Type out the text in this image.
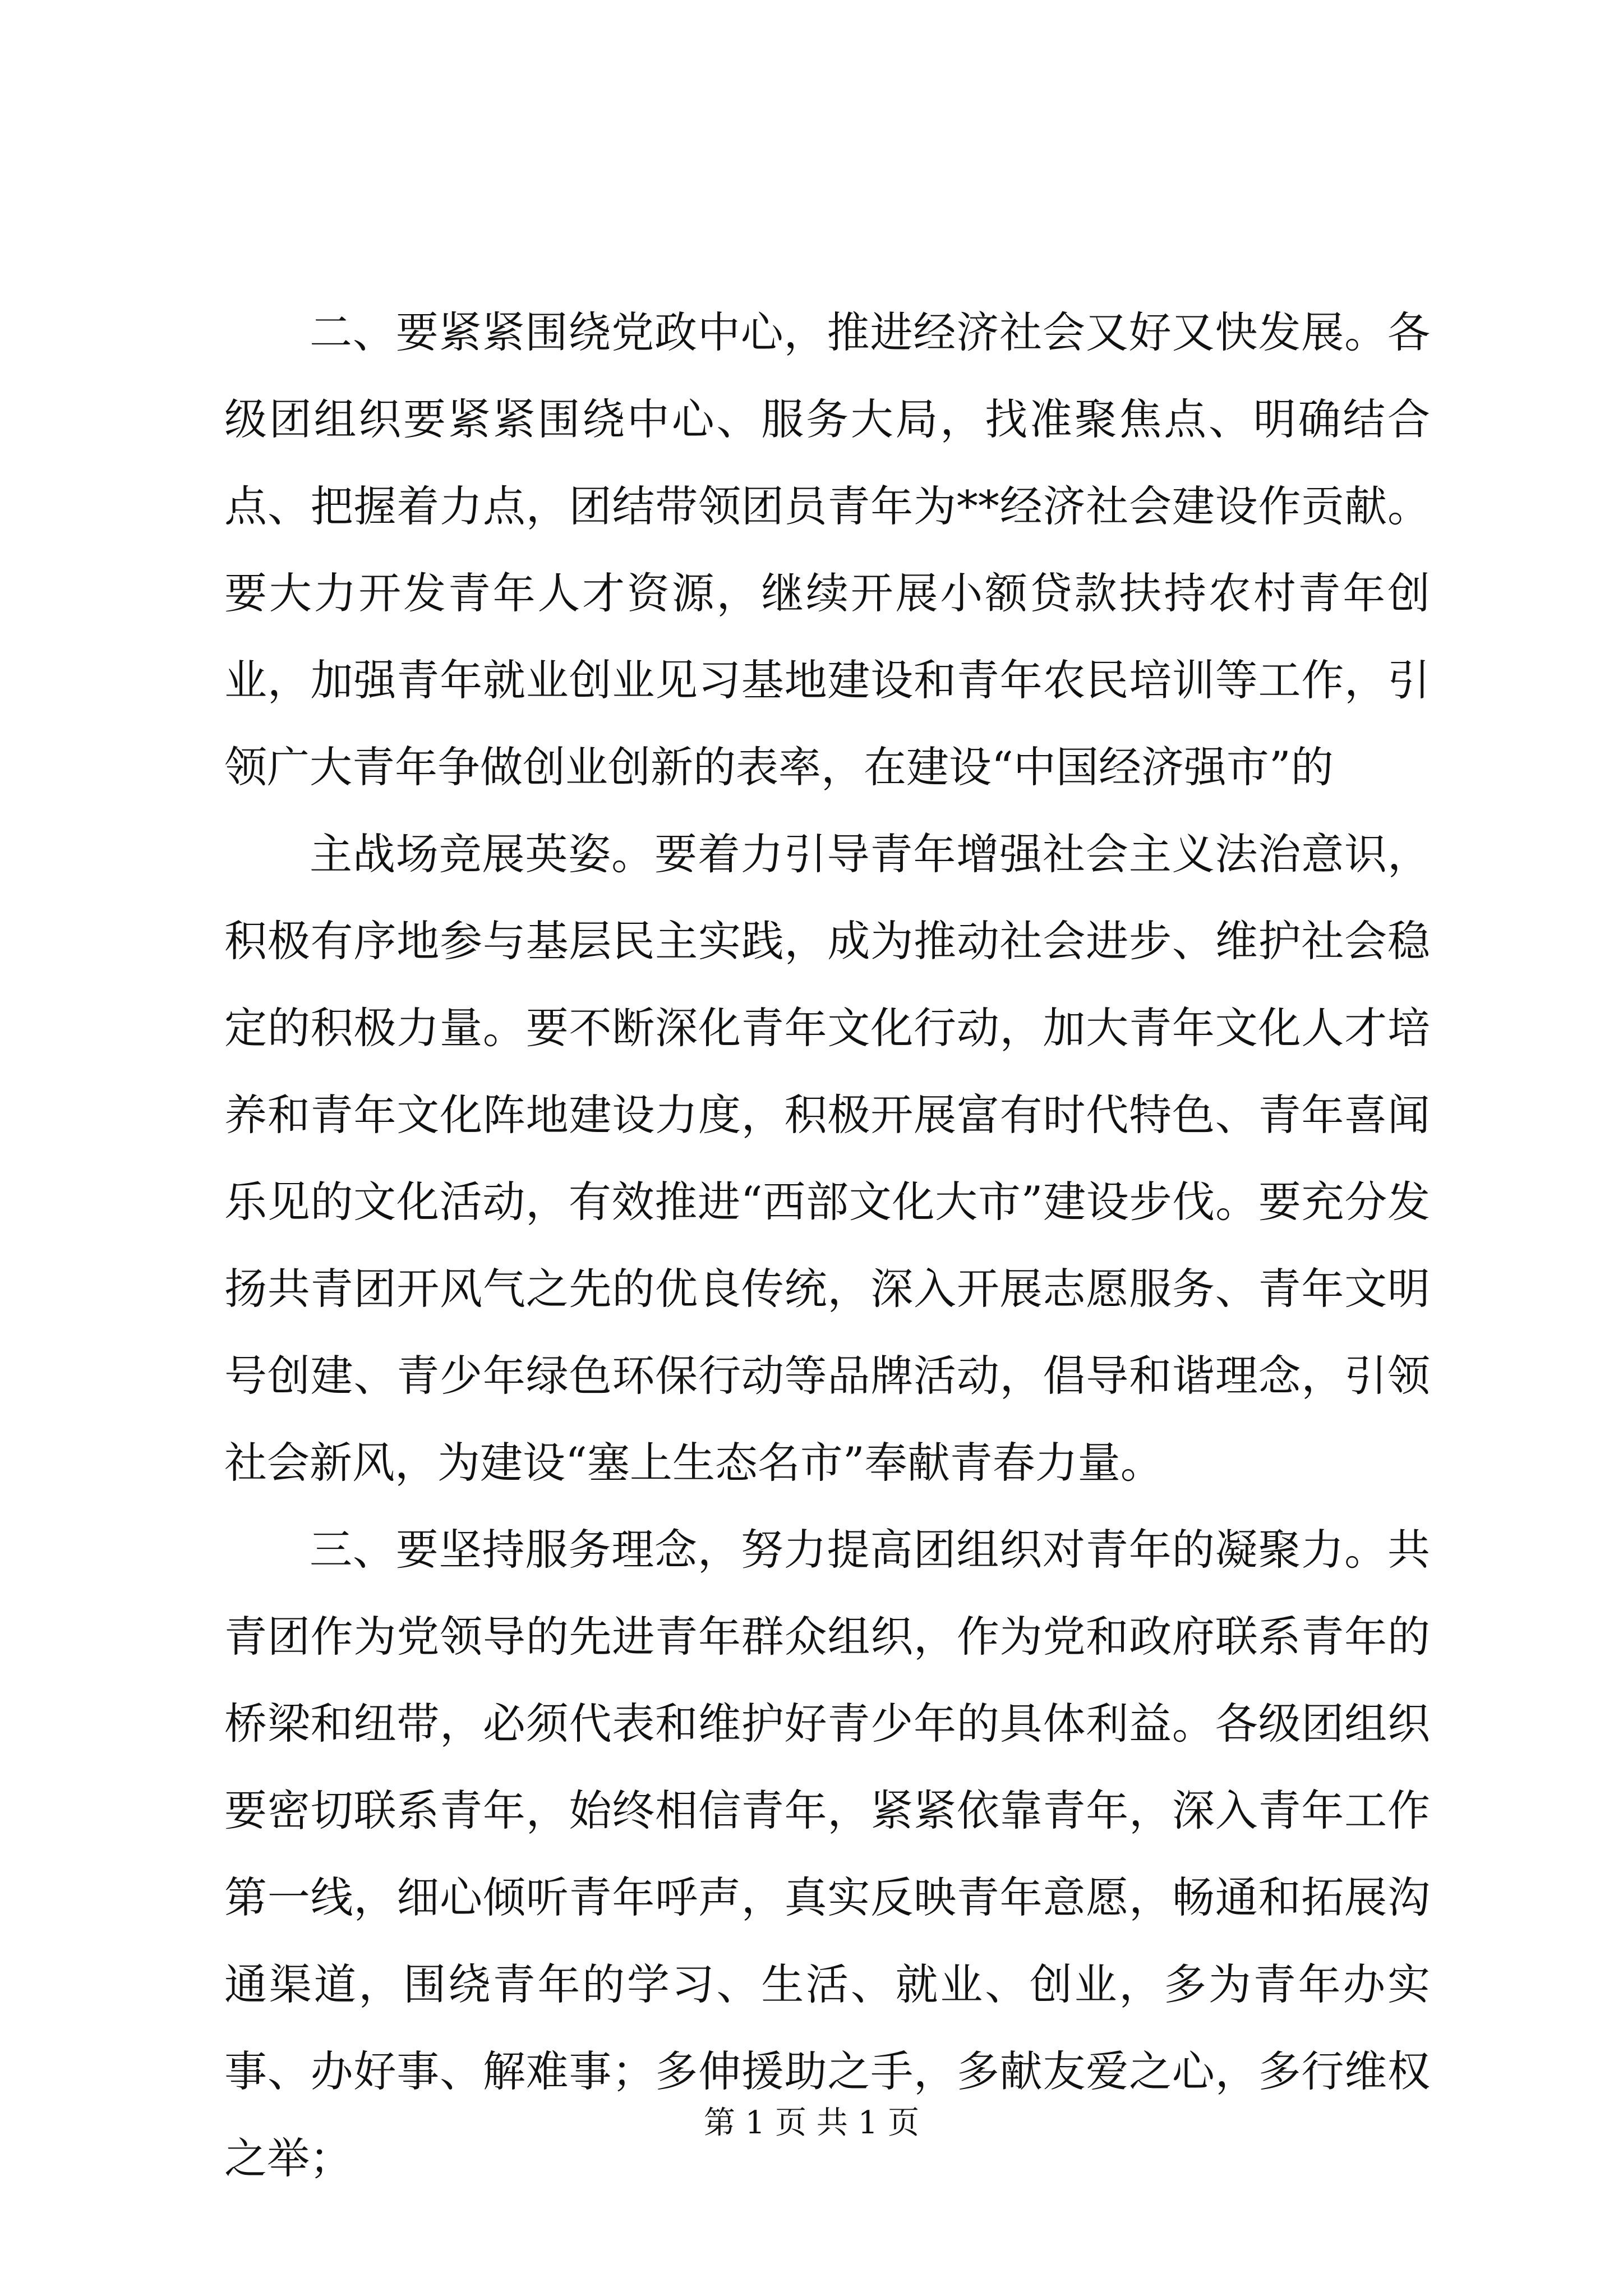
二、要紧紧围绕党政中心，推进经济社会又好又快发展。各级团组织要紧紧围绕中心、服务大局，找准聚焦点、明确结合点、把握着力点，团结带领团员青年为**经济社会建设作贡献。要大力开发青年人才资源，继续开展小额贷款扶持农村青年创业，加强青年就业创业见习基地建设和青年农民培训等工作，引领广大青年争做创业创新的表率，在建设“中国经济强市”的

主战场竞展英姿。要着力引导青年增强社会主义法治意识，积极有序地参与基层民主实践，成为推动社会进步、维护社会稳定的积极力量。要不断深化青年文化行动，加大青年文化人才培养和青年文化阵地建设力度，积极开展富有时代特色、青年喜闻乐见的文化活动，有效推进“西部文化大市”建设步伐。要充分发扬共青团开风气之先的优良传统，深入开展志愿服务、青年文明号创建、青少年绿色环保行动等品牌活动，倡导和谐理念，引领社会新风，为建设“塞上生态名市”奉献青春力量。

三、要坚持服务理念，努力提高团组织对青年的凝聚力。共青团作为党领导的先进青年群众组织，作为党和政府联系青年的桥梁和纽带，必须代表和维护好青少年的具体利益。各级团组织要密切联系青年，始终相信青年，紧紧依靠青年，深入青年工作第一线，细心倾听青年呼声，真实反映青年意愿，畅通和拓展沟通渠道，围绕青年的学习、生活、就业、创业，多为青年办实事、办好事、解难事；多伸援助之手，多献友爱之心，多行维权之举；

第 1 页 共 1 页
